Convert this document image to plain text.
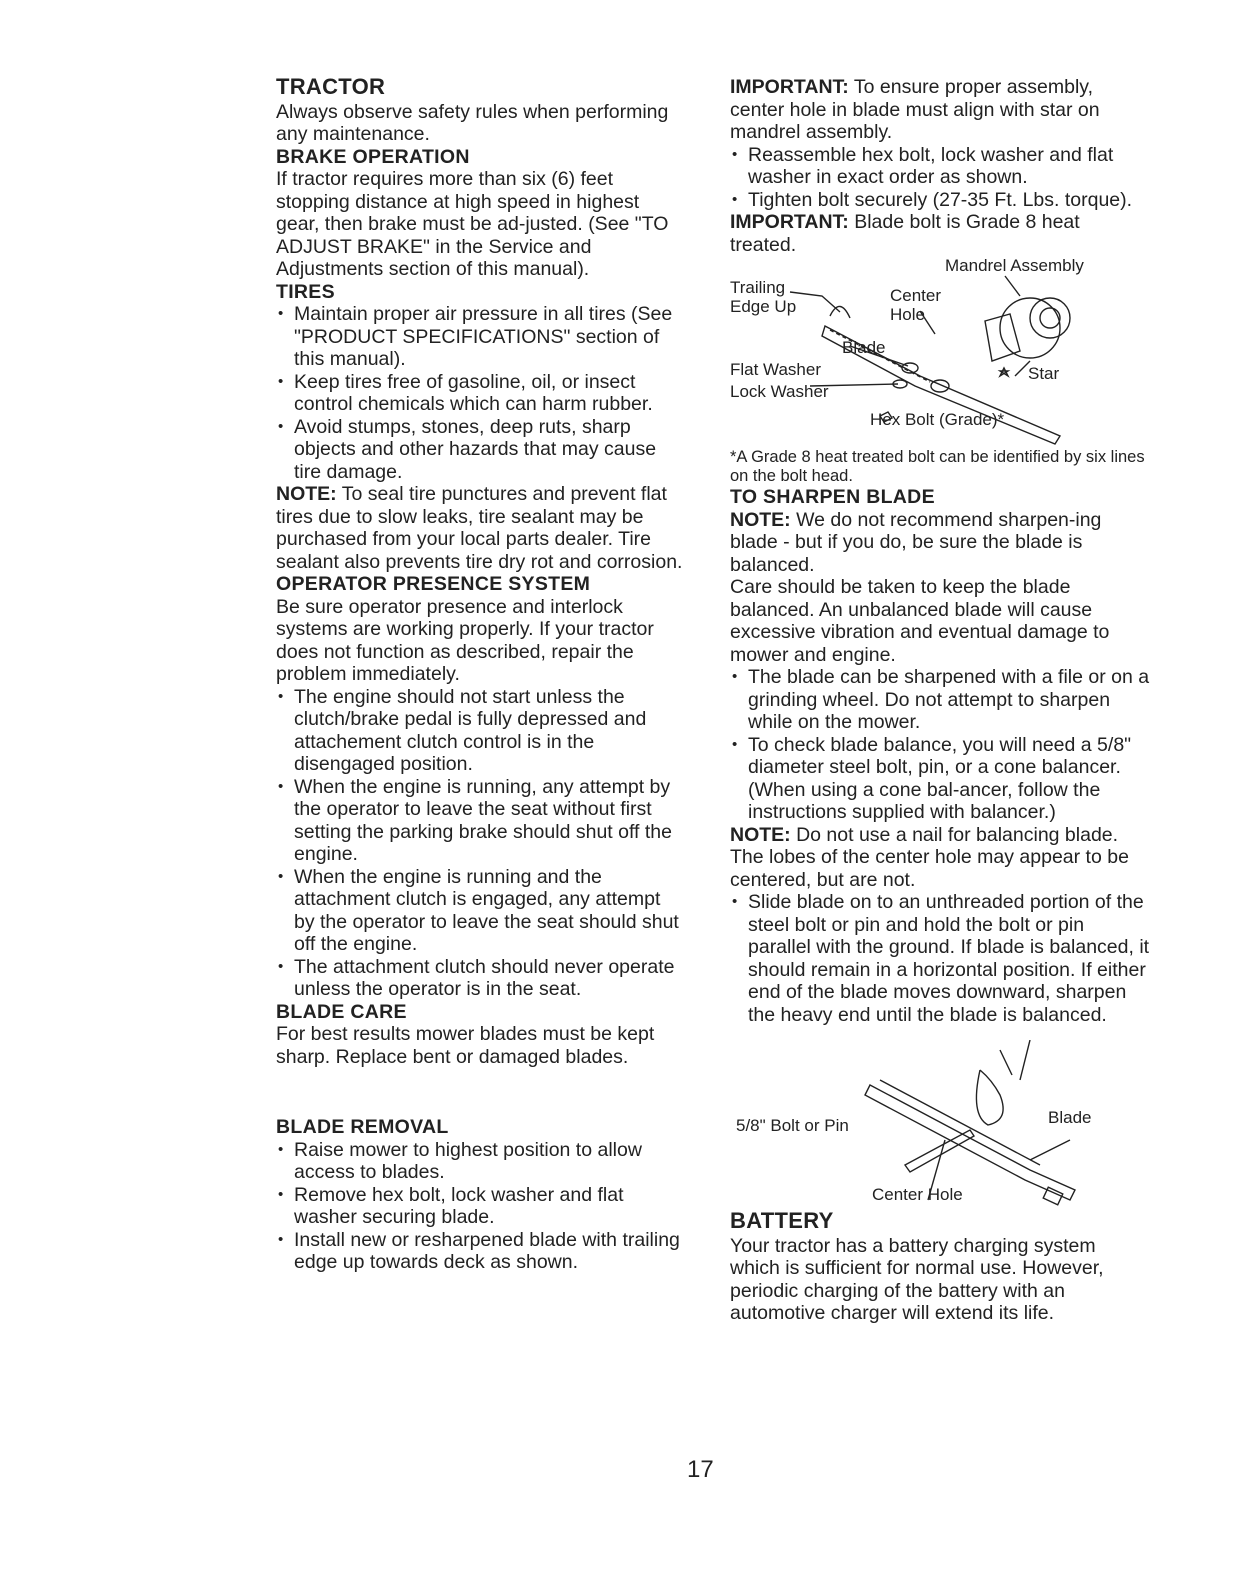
TRACTOR

Always observe safety rules when performing any maintenance.

BRAKE OPERATION

If tractor requires more than six (6) feet stopping distance at high speed in highest gear, then brake must be ad-justed. (See "TO ADJUST BRAKE" in the Service and Adjustments section of this manual).

TIRES
• Maintain proper air pressure in all tires (See "PRODUCT SPECIFICATIONS" section of this manual).
• Keep tires free of gasoline, oil, or insect control chemicals which can harm rubber.
• Avoid stumps, stones, deep ruts, sharp objects and other hazards that may cause tire damage.

NOTE: To seal tire punctures and prevent flat tires due to slow leaks, tire sealant may be purchased from your local parts dealer. Tire sealant also prevents tire dry rot and corrosion.

OPERATOR PRESENCE SYSTEM

Be sure operator presence and interlock systems are working properly. If your tractor does not function as described, repair the problem immediately.

• The engine should not start unless the clutch/brake pedal is fully depressed and attachement clutch control is in the disengaged position.
• When the engine is running, any attempt by the operator to leave the seat without first setting the parking brake should shut off the engine.
• When the engine is running and the attachment clutch is engaged, any attempt by the operator to leave the seat should shut off the engine.
• The attachment clutch should never operate unless the operator is in the seat.
BLADE CARE

For best results mower blades must be kept sharp. Replace bent or damaged blades.

BLADE REMOVAL
• Raise mower to highest position to allow access to blades.
• Remove hex bolt, lock washer and flat washer securing blade.
• Install new or resharpened blade with trailing edge up towards deck as shown.

IMPORTANT: To ensure proper assembly, center hole in blade must align with star on mandrel assembly.

• Reassemble hex bolt, lock washer and flat washer in exact order as shown.
• Tighten bolt securely (27-35 Ft. Lbs. torque).

IMPORTANT: Blade bolt is Grade 8 heat treated.

Mandrel Assembly
Trailing
Edge Up
Center
Hole
Blade
Flat Washer
Lock Washer
Star
Hex Bolt (Grade)*

*A Grade 8 heat treated bolt can be identified by six lines on the bolt head.

TO SHARPEN BLADE

NOTE: We do not recommend sharpen-ing blade - but if you do, be sure the blade is balanced.

Care should be taken to keep the blade balanced. An unbalanced blade will cause excessive vibration and eventual damage to mower and engine.

• The blade can be sharpened with a file or on a grinding wheel. Do not attempt to sharpen while on the mower.
• To check blade balance, you will need a 5/8" diameter steel bolt, pin, or a cone balancer. (When using a cone bal-ancer, follow the instructions supplied with balancer.)

NOTE: Do not use a nail for balancing blade. The lobes of the center hole may appear to be centered, but are not.

• Slide blade on to an unthreaded portion of the steel bolt or pin and hold the bolt or pin parallel with the ground. If blade is balanced, it should remain in a horizontal position. If either end of the blade moves downward, sharpen the heavy end until the blade is balanced.
5/8" Bolt or Pin	Blade
Center Hole
BATTERY

Your tractor has a battery charging system which is sufficient for normal use. However, periodic charging of the battery with an automotive charger will extend its life.

17
